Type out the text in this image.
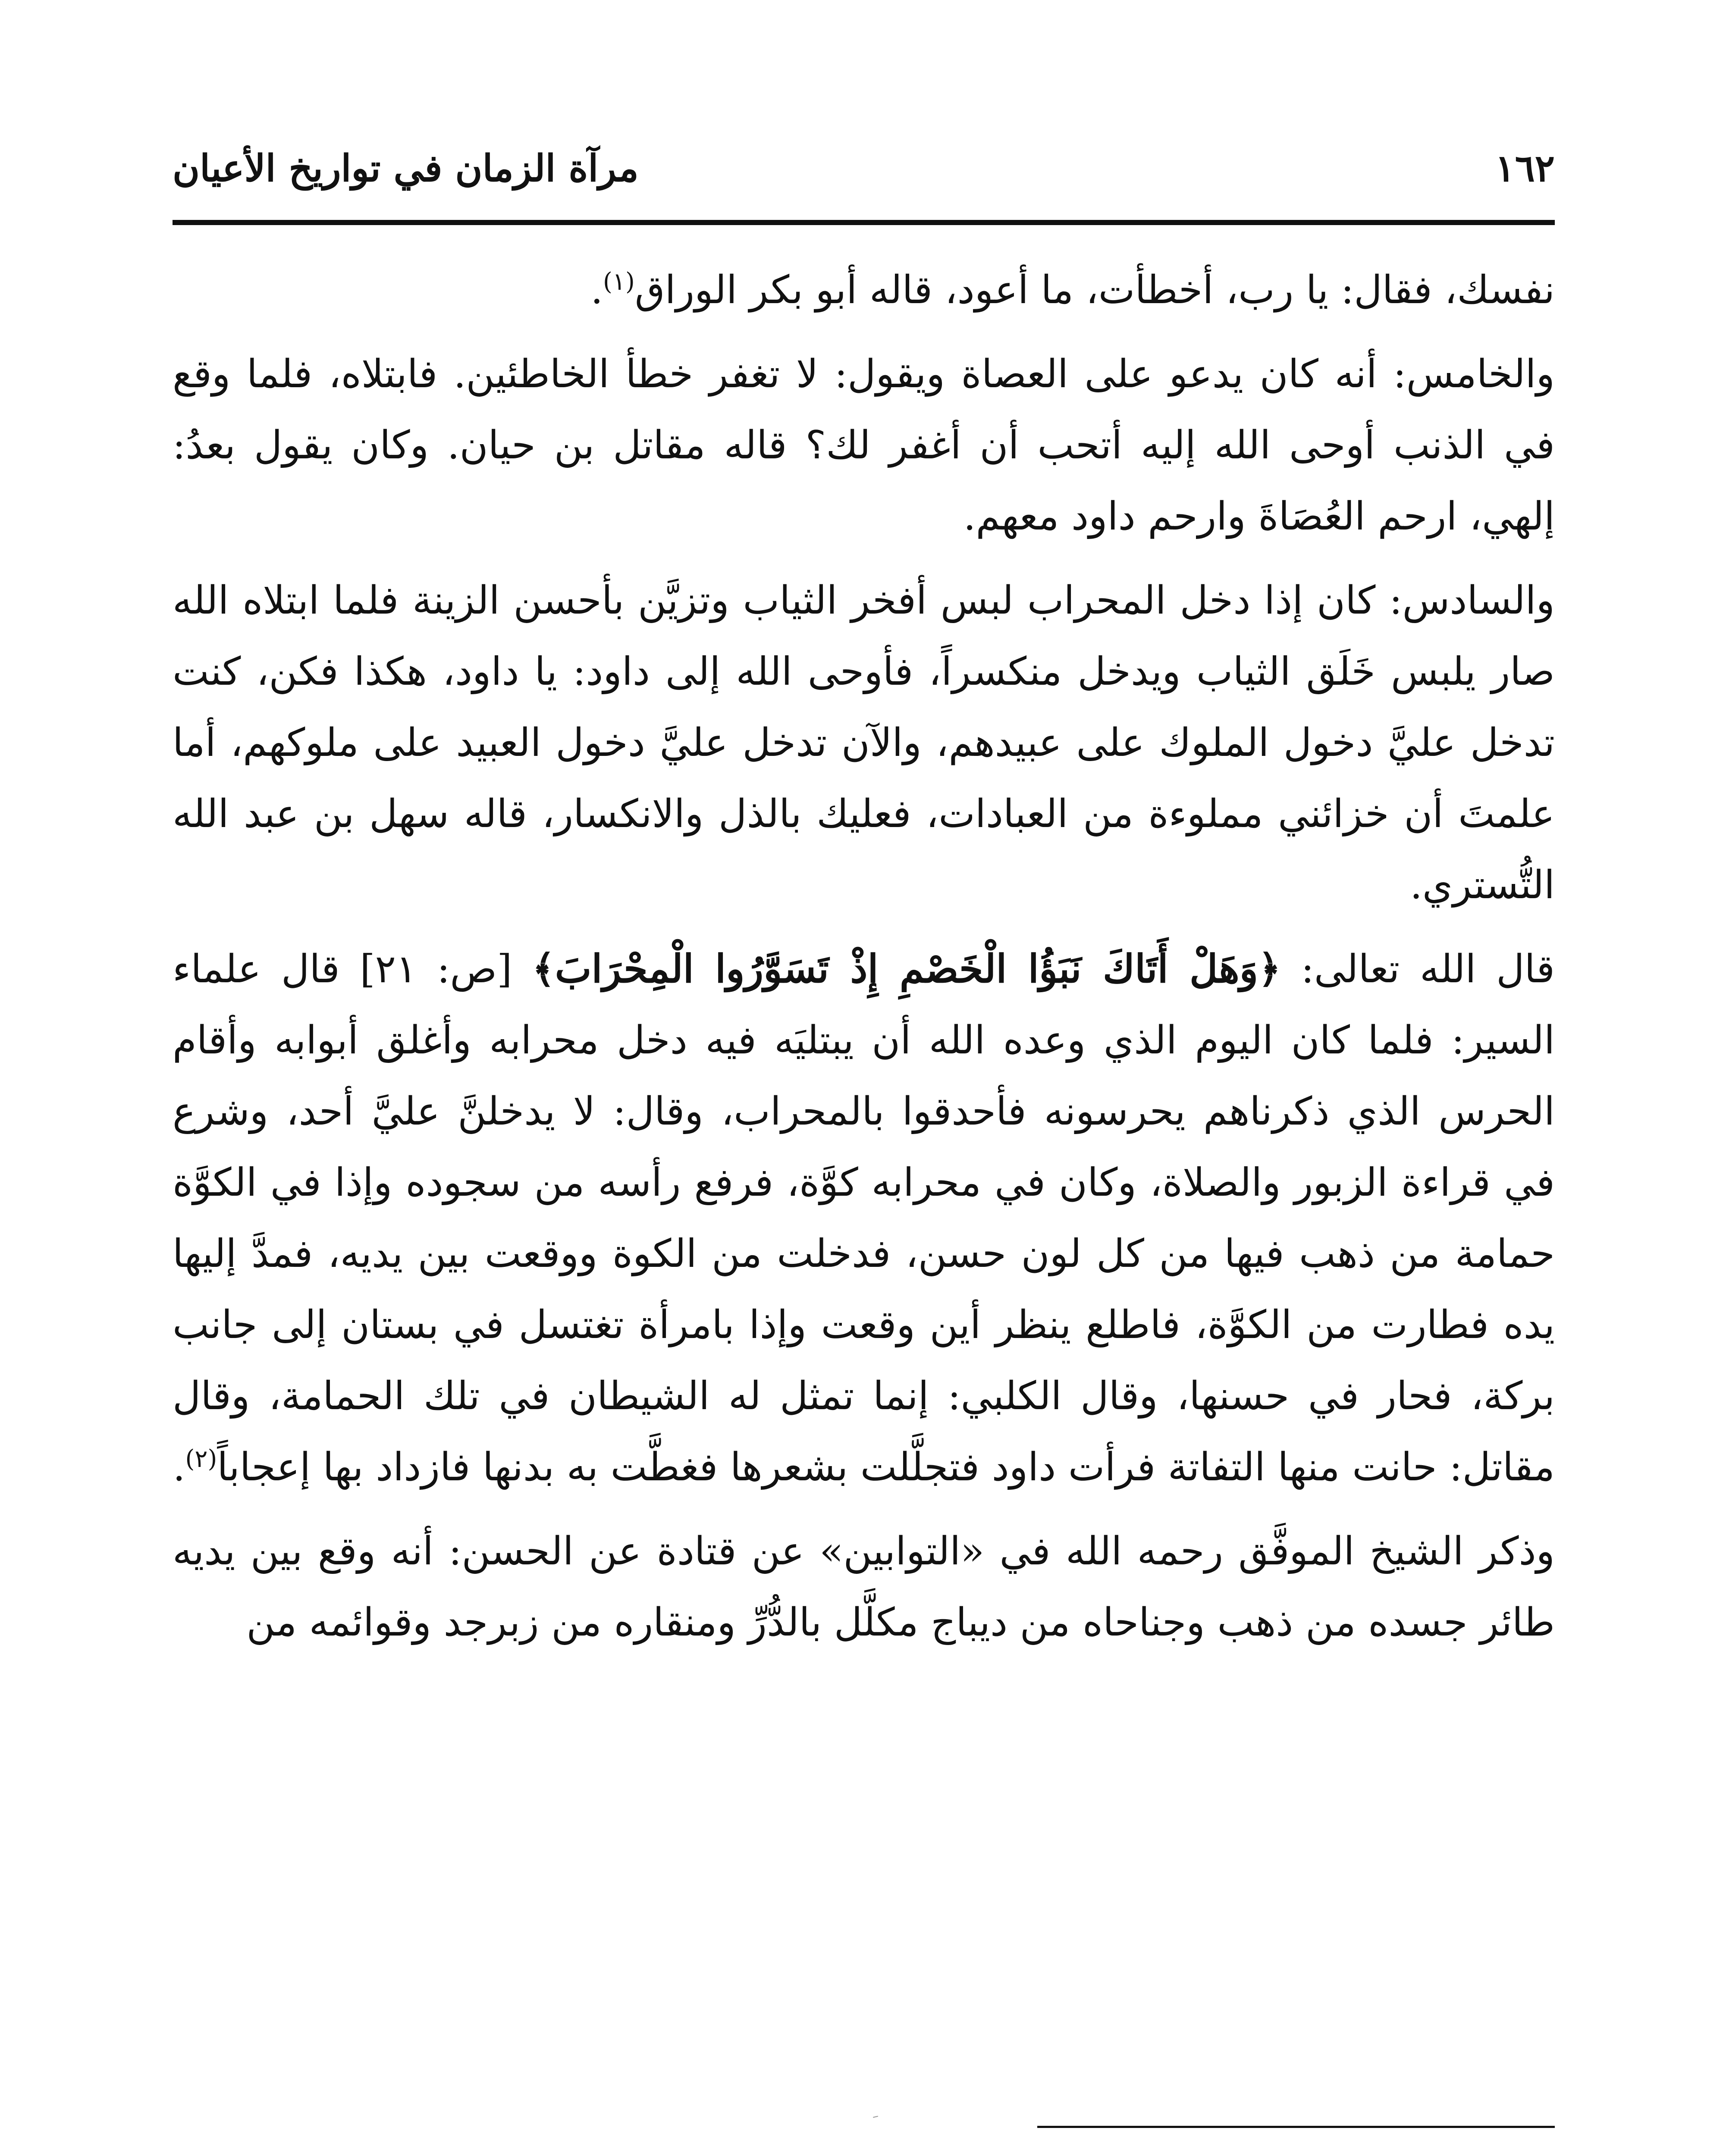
١٦٢
مرآة الزمان في تواريخ الأعيان

نفسك، فقال: يا رب، أخطأت، ما أعود، قاله أبو بكر الوراق$^{(١)}$.

والخامس: أنه كان يدعو على العصاة ويقول: لا تغفر خطأ الخاطئين. فابتلاه، فلما وقع في الذنب أوحى الله إليه أتحب أن أغفر لك؟ قاله مقاتل بن حيان. وكان يقول بعدُ: إلهي، ارحم العُصَاةَ وارحم داود معهم.

والسادس: كان إذا دخل المحراب لبس أفخر الثياب وتزيَّن بأحسن الزينة فلما ابتلاه الله صار يلبس خَلَق الثياب ويدخل منكسراً، فأوحى الله إلى داود: يا داود، هكذا فكن، كنت تدخل عليَّ دخول الملوك على عبيدهم، والآن تدخل عليَّ دخول العبيد على ملوكهم، أما علمتَ أن خزائني مملوءة من العبادات، فعليك بالذل والانكسار، قاله سهل بن عبد الله التُّستري.

قال الله تعالى: ﴿وَهَلْ أَتَاكَ نَبَؤُا الْخَصْمِ إِذْ تَسَوَّرُوا الْمِحْرَابَ﴾ [ص: ٢١] قال علماء السير: فلما كان اليوم الذي وعده الله أن يبتليَه فيه دخل محرابه وأغلق أبوابه وأقام الحرس الذي ذكرناهم يحرسونه فأحدقوا بالمحراب، وقال: لا يدخلنَّ عليَّ أحد، وشرع في قراءة الزبور والصلاة، وكان في محرابه كوَّة، فرفع رأسه من سجوده وإذا في الكوَّة حمامة من ذهب فيها من كل لون حسن، فدخلت من الكوة ووقعت بين يديه، فمدَّ إليها يده فطارت من الكوَّة، فاطلع ينظر أين وقعت وإذا بامرأة تغتسل في بستان إلى جانب بركة، فحار في حسنها، وقال الكلبي: إنما تمثل له الشيطان في تلك الحمامة، وقال مقاتل: حانت منها التفاتة فرأت داود فتجلَّلت بشعرها فغطَّت به بدنها فازداد بها إعجاباً$^{(٢)}$.

وذكر الشيخ الموفَّق رحمه الله في «التوابين» عن قتادة عن الحسن: أنه وقع بين يديه طائر جسده من ذهب وجناحاه من ديباج مكلَّل بالدُّرِّ ومنقاره من زبرجد وقوائمه من
